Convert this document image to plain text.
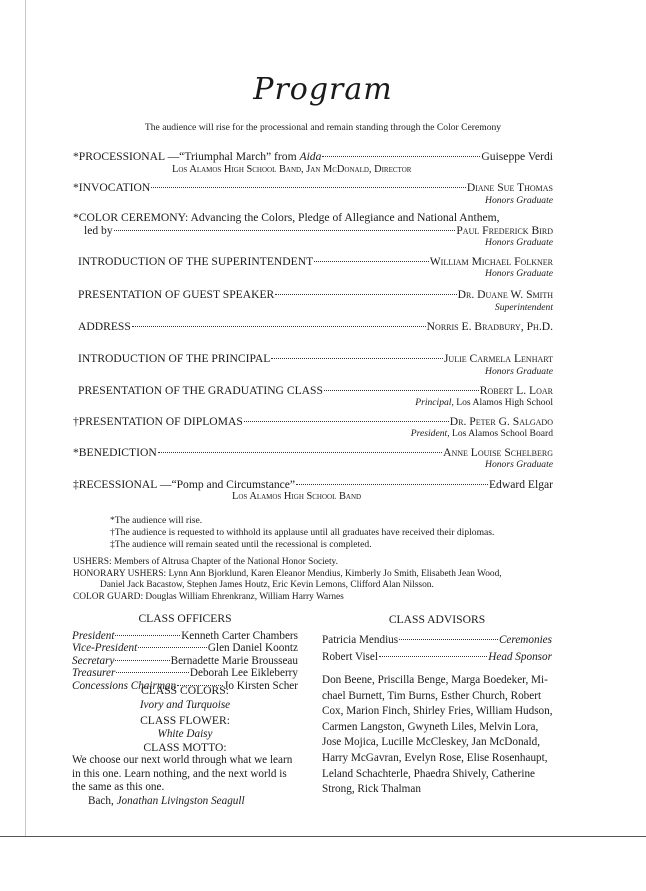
Program
The audience will rise for the processional and remain standing through the Color Ceremony
*PROCESSIONAL —“Triumphal March” from Aida	Guiseppe Verdi
Los Alamos High School Band, Jan McDonald, Director
*INVOCATION	Diane Sue Thomas
Honors Graduate
*COLOR CEREMONY: Advancing the Colors, Pledge of Allegiance and National Anthem,
led by	Paul Frederick Bird
Honors Graduate
INTRODUCTION OF THE SUPERINTENDENT	William Michael Folkner
Honors Graduate
PRESENTATION OF GUEST SPEAKER	Dr. Duane W. Smith
Superintendent
ADDRESS	Norris E. Bradbury, Ph.D.
INTRODUCTION OF THE PRINCIPAL	Julie Carmela Lenhart
Honors Graduate
PRESENTATION OF THE GRADUATING CLASS	Robert L. Loar
Principal, Los Alamos High School
†PRESENTATION OF DIPLOMAS	Dr. Peter G. Salgado
President, Los Alamos School Board
*BENEDICTION	Anne Louise Schelberg
Honors Graduate
‡RECESSIONAL —“Pomp and Circumstance”	Edward Elgar
Los Alamos High School Band
*The audience will rise.
†The audience is requested to withhold its applause until all graduates have received their diplomas.
‡The audience will remain seated until the recessional is completed.
USHERS: Members of Altrusa Chapter of the National Honor Society.
HONORARY USHERS: Lynn Ann Bjorklund, Karen Eleanor Mendius, Kimberly Jo Smith, Elisabeth Jean Wood,
Daniel Jack Bacastow, Stephen James Houtz, Eric Kevin Lemons, Clifford Alan Nilsson.
COLOR GUARD: Douglas William Ehrenkranz, William Harry Warnes
CLASS OFFICERS
President	Kenneth Carter Chambers
Vice-President	Glen Daniel Koontz
Secretary	Bernadette Marie Brousseau
Treasurer	Deborah Lee Eikleberry
Concessions Chairman	Jo Kirsten Scher
CLASS COLORS:
Ivory and Turquoise
CLASS FLOWER:
White Daisy
CLASS MOTTO:
We choose our next world through what we learn
in this one. Learn nothing, and the next world is
the same as this one.
Bach, Jonathan Livingston Seagull
CLASS ADVISORS
Patricia Mendius	Ceremonies
Robert Visel	Head Sponsor
Don Beene, Priscilla Benge, Marga Boedeker, Mi-
chael Burnett, Tim Burns, Esther Church, Robert
Cox, Marion Finch, Shirley Fries, William Hudson,
Carmen Langston, Gwyneth Liles, Melvin Lora,
Jose Mojica, Lucille McCleskey, Jan McDonald,
Harry McGavran, Evelyn Rose, Elise Rosenhaupt,
Leland Schachterle, Phaedra Shively, Catherine
Strong, Rick Thalman
